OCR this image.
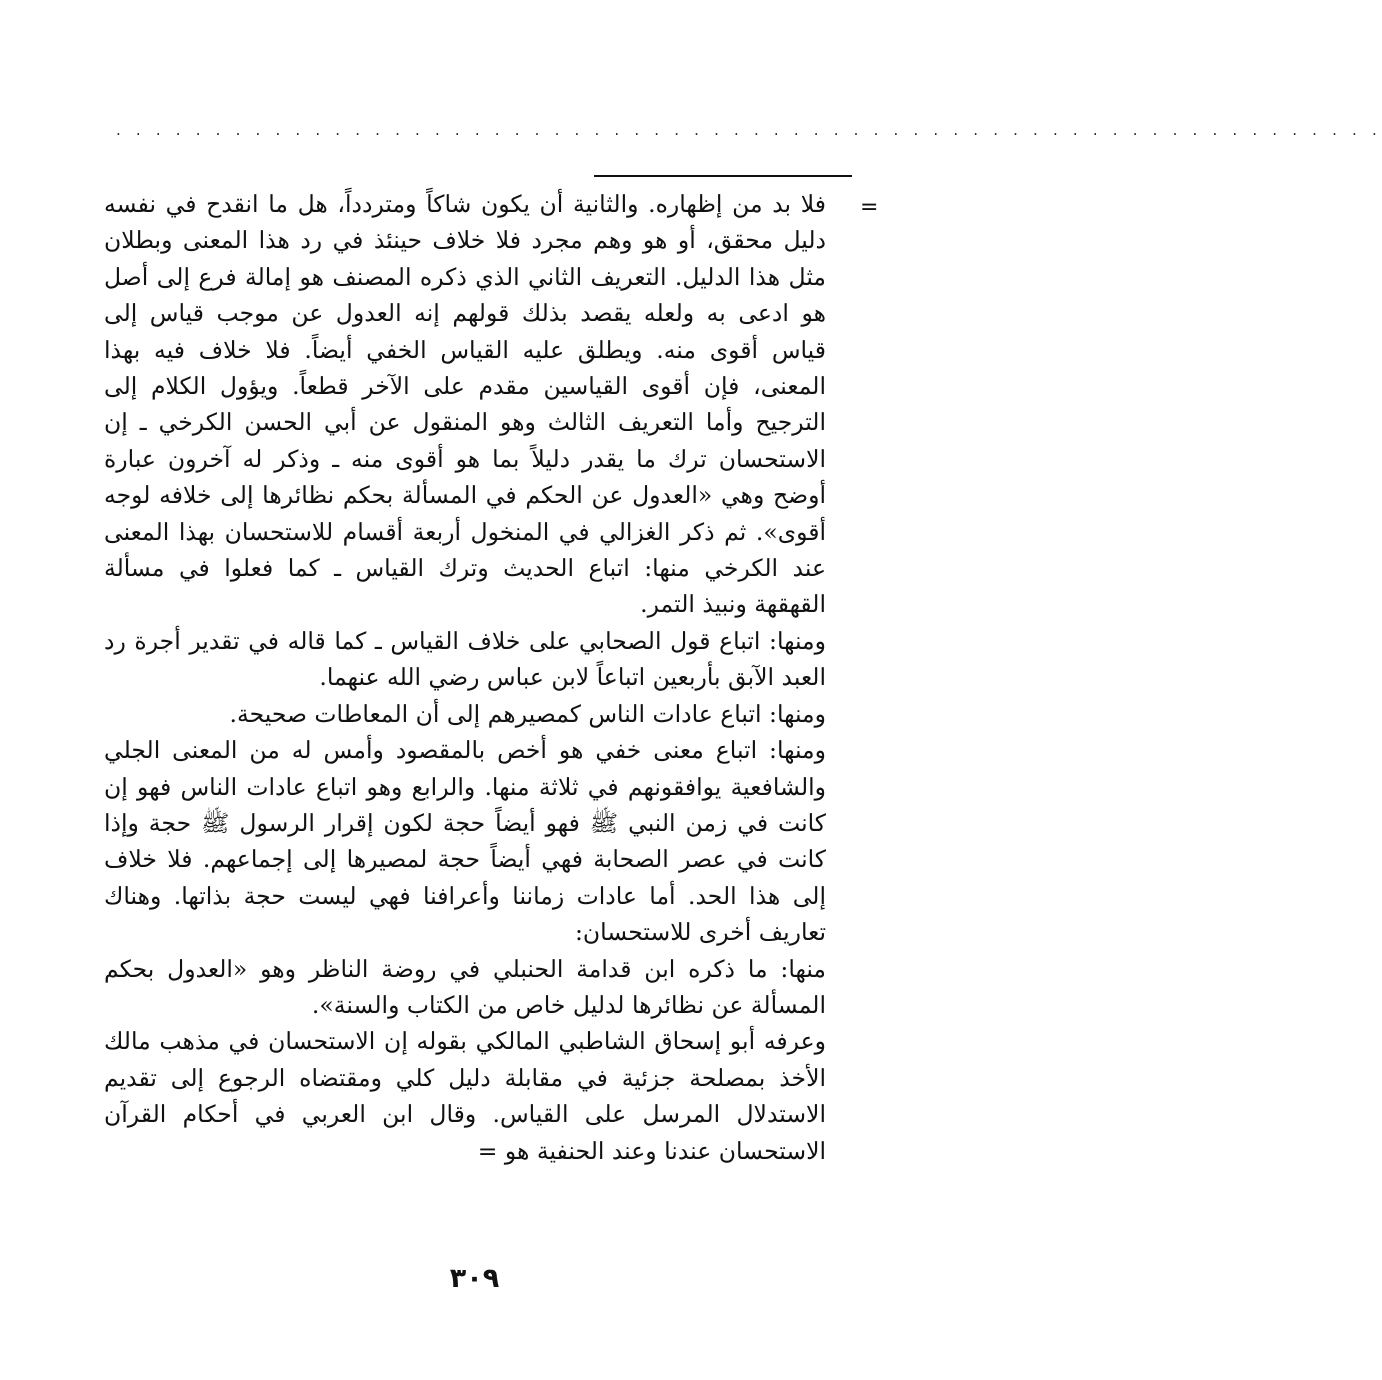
. . . . . . . . . . . . . . . . . . . . . . . . . . . . . . . . . . . . . . . . . . . . . . . . . . . . . . . . . . . . . . . .
=

فلا بد من إظهاره. والثانية أن يكون شاكاً ومتردداً، هل ما انقدح في نفسه دليل محقق، أو هو وهم مجرد فلا خلاف حينئذ في رد هذا المعنى وبطلان مثل هذا الدليل. التعريف الثاني الذي ذكره المصنف هو إمالة فرع إلى أصل هو ادعى به ولعله يقصد بذلك قولهم إنه العدول عن موجب قياس إلى قياس أقوى منه. ويطلق عليه القياس الخفي أيضاً. فلا خلاف فيه بهذا المعنى، فإن أقوى القياسين مقدم على الآخر قطعاً. ويؤول الكلام إلى الترجيح وأما التعريف الثالث وهو المنقول عن أبي الحسن الكرخي ـ إن الاستحسان ترك ما يقدر دليلاً بما هو أقوى منه ـ وذكر له آخرون عبارة أوضح وهي «العدول عن الحكم في المسألة بحكم نظائرها إلى خلافه لوجه أقوى». ثم ذكر الغزالي في المنخول أربعة أقسام للاستحسان بهذا المعنى عند الكرخي منها: اتباع الحديث وترك القياس ـ كما فعلوا في مسألة القهقهة ونبيذ التمر.

ومنها: اتباع قول الصحابي على خلاف القياس ـ كما قاله في تقدير أجرة رد العبد الآبق بأربعين اتباعاً لابن عباس رضي الله عنهما.

ومنها: اتباع عادات الناس كمصيرهم إلى أن المعاطات صحيحة.

ومنها: اتباع معنى خفي هو أخص بالمقصود وأمس له من المعنى الجلي والشافعية يوافقونهم في ثلاثة منها. والرابع وهو اتباع عادات الناس فهو إن كانت في زمن النبي ﷺ فهو أيضاً حجة لكون إقرار الرسول ﷺ حجة وإذا كانت في عصر الصحابة فهي أيضاً حجة لمصيرها إلى إجماعهم. فلا خلاف إلى هذا الحد. أما عادات زماننا وأعرافنا فهي ليست حجة بذاتها. وهناك تعاريف أخرى للاستحسان:

منها: ما ذكره ابن قدامة الحنبلي في روضة الناظر وهو «العدول بحكم المسألة عن نظائرها لدليل خاص من الكتاب والسنة».

وعرفه أبو إسحاق الشاطبي المالكي بقوله إن الاستحسان في مذهب مالك الأخذ بمصلحة جزئية في مقابلة دليل كلي ومقتضاه الرجوع إلى تقديم الاستدلال المرسل على القياس. وقال ابن العربي في أحكام القرآن الاستحسان عندنا وعند الحنفية هو =

٣٠٩
